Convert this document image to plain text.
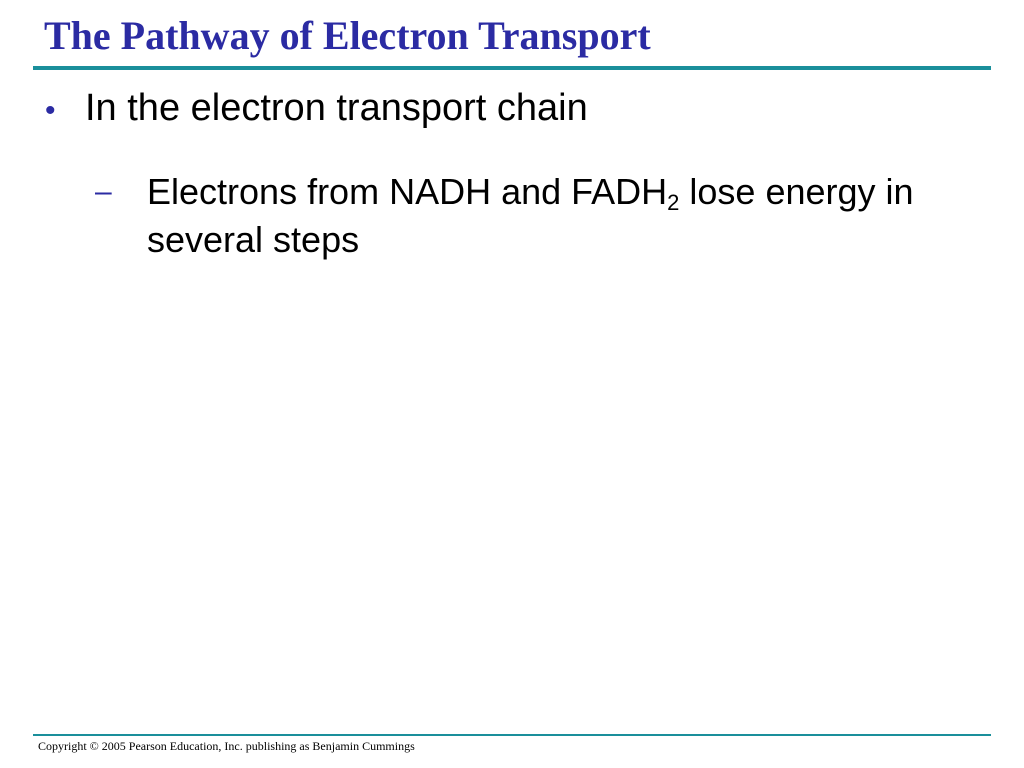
The Pathway of Electron Transport
• In the electron transport chain
– Electrons from NADH and $FADH_2$ lose energy in several steps
Copyright © 2005 Pearson Education, Inc. publishing as Benjamin Cummings
